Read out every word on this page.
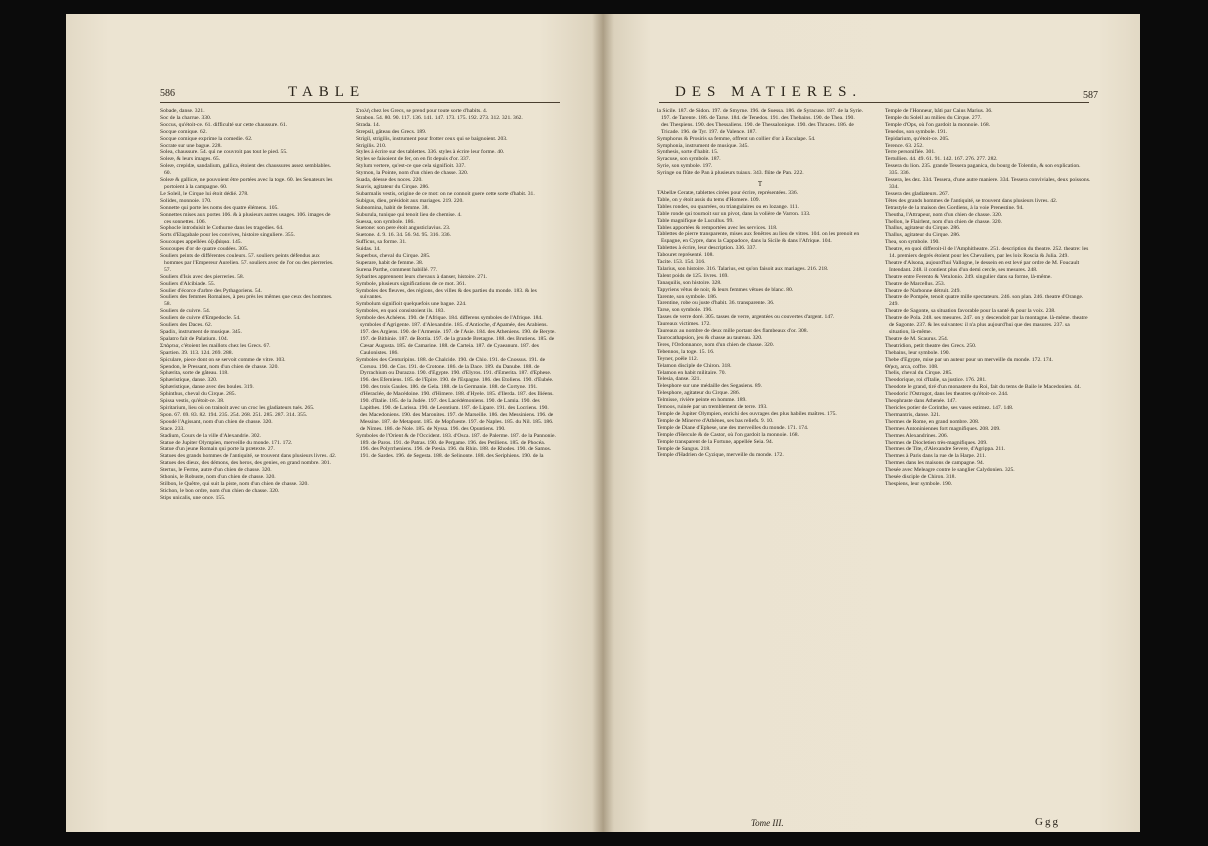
586	TABLE
Sobade, danse. 321.
Soc de la charrue. 330.
Soccus, qu'étoit-ce. 61. difficulté sur cette chaussure. 61.
Socque comique. 62.
Socque comique exprime la comedie. 62.
Socrate sur une bague. 228.
Solea, chaussure. 54. qui ne couvroit pas tout le pied. 55.
Soleæ, & leurs images. 65.
Soleæ, crepidæ, sandalium, gallica, étoient des chaussures assez semblables. 60.
Soleæ & gallicæ, ne pouvoient être portées avec la toge. 60. les Senateurs les portoient à la campagne. 60.
Le Soleil, le Cirque lui étoit dédié. 278.
Solides, monnoie. 170.
Sonnette qui porte les noms des quatre élémens. 105.
Sonnettes mises aux portes 106. & à plusieurs autres usages. 106. images de ces sonnettes. 106.
Sophocle introduisit le Cothurne dans les tragedies. 64.
Sorts d'Elagabale pour les convives, histoire singuliere. 355.
Soucoupes appellées ὀξυβάφια. 145.
Soucoupes d'or de quatre coudées. 305.
Souliers peints de différentes couleurs. 57. souliers peints défendus aux hommes par l'Empereur Aurelien. 57. souliers avec de l'or ou des pierreries. 57.
Souliers d'Isis avec des pierreries. 58.
Souliers d'Alcibiade. 55.
Soulier d'écorce d'arbre des Pythagoriens. 54.
Souliers des femmes Romaines, à peu près les mêmes que ceux des hommes. 58.
Souliers de cuivre. 54.
Souliers de cuivre d'Empedocle. 54.
Souliers des Daces. 62.
Spadix, instrument de musique. 345.
Spalatro fait de Palatium. 104.
Σπάρτια, c'étoient les maillots chez les Grecs. 67.
Spartien. 39. 113. 124. 269. 288.
Spiculare, piece dont on se servoit comme de vitre. 103.
Spendon, le Pressant, nom d'un chien de chasse. 320.
Sphærita, sorte de gâteau. 118.
Sphæristique, danse. 320.
Sphæristique, danse avec des boules. 319.
Sphinthus, cheval du Cirque. 285.
Spissa vestis, qu'étoit-ce. 38.
Spiritarium, lieu où on trainoit avec un croc les gladiateurs tués. 265.
Spon. 67. 69. 83. 82. 194. 235. 254. 268. 251. 285. 287. 314. 355.
Spoudé l'Agissant, nom d'un chien de chasse. 320.
Stace. 233.
Stadium, Cours de la ville d'Alexandrie. 302.
Statue de Jupiter Olympien, merveille du monde. 171. 172.
Statue d'un jeune Romain qui porte la prætexte. 27.
Statues des grands hommes de l'antiquité, se trouvent dans plusieurs livres. 42.
Statues des dieux, des démons, des heros, des genies, en grand nombre. 301.
Stertus, le Ferme, autre d'un chien de chasse. 320.
Sthonis, le Robuste, nom d'un chien de chasse. 320.
Stilbon, le Quêtre, qui suit la piste, nom d'un chien de chasse. 320.
Stichon, le bon ordre, nom d'un chien de chasse. 320.
Stips unicalis, une once. 155.
Στολὴ chez les Grecs, se prend pour toute sorte d'habits. 4.
Strabon. 54. 80. 90. 117. 136. 141. 147. 173. 175. 192. 273. 312. 321. 362.
Strada. 14.
Strepsil, gâteau des Grecs. 189.
Strigil, strigilis, instrument pour frotter ceux qui se baignoient. 203.
Strigilis. 210.
Styles à écrire sur des tablettes. 336. styles à écrire leur forme. 40.
Styles se faisoient de fer, on en fit depuis d'or. 337.
Stylum vertere, qu'est-ce que cela signifioit. 337.
Stymon, la Pointe, nom d'un chien de chasse. 320.
Suada, déesse des noces. 220.
Suavis, agitateur du Cirque. 286.
Subarmalis vestis, origine de ce mot: on ne connoit guere cette sorte d'habit. 31.
Subigus, dieu, présidoit aux mariages. 219. 220.
Subnomina, habit de femme. 38.
Suburula, tunique qui tenoit lieu de chemise. 4.
Suessa, son symbole. 186.
Suetone: son pere étoit angusticlavius. 23.
Suetone. 4. 9. 16. 34. 56. 94. 95. 316. 336.
Sufficus, sa forme. 31.
Suidas. 14.
Superbus, cheval du Cirque. 285.
Superare, habit de femme. 38.
Surena Parthe, comment habillé. 77.
Sybarites apprennent leurs chevaux à danser, histoire. 271.
Symbole, plusieurs significations de ce mot. 361.
Symboles des fleuves, des régions, des villes & des parties du monde. 183. & les suivantes.
Symbolum signifioit quelquefois une bague. 224.
Symboles, en quoi consistoient ils. 183.
Symbole des Achéens. 190. de l'Afrique. 184. differens symboles de l'Afrique. 184. symboles d'Agrigente. 187. d'Alexandrie. 185. d'Antioche, d'Apamée, des Arabiens. 197. des Argiens. 190. de l'Armenie. 197. de l'Asie. 184. des Atheniens. 190. de Beryte. 197. de Bithinie. 187. de Bottia. 197. de la grande Bretagne. 188. des Brutiens. 185. de Cæsar Augusta. 185. de Camarine. 188. de Carteia. 187. de Cyaeanum. 187. des Caulonistes. 186.
Symboles des Centuripins. 188. de Chalcide. 190. de Chio. 191. de Cnossus. 191. de Corsou. 190. de Cos. 191. de Crotone. 186. de la Dace. 189. du Danube. 188. de Dyrrachium ou Durazzo. 190. d'Egypte. 190. d'Elyros. 191. d'Emerita. 187. d'Ephese. 196. des Eferniens. 185. de l'Epire. 190. de l'Espagne. 186. des Etoliens. 190. d'Eubée. 190. des trois Gaules. 186. de Gela. 188. de la Germanie. 188. de Cortyne. 191. d'Heraclée, de Macédoine. 190. d'Himere. 188. d'Hyele. 185. d'Ilerda. 187. des Iliéens. 190. d'Italie. 185. de la Judée. 197. des Lacédémoniens. 190. de Lamia. 190. des Lapithes. 190. de Larissa. 190. de Leontium. 187. de Lipare. 191. des Locriens. 190. des Macedoniens. 190. des Maronites. 197. de Marseille. 186. des Messiniens. 196. de Messine. 187. de Metapont. 185. de Mopfueste. 197. de Naples. 185. du Nil. 185. 186. de Nimes. 186. de Nole. 185. de Nyssa. 196. des Opuntiens. 190.
Symboles de l'Orient & de l'Occident. 183. d'Osca. 187. de Palerme. 187. de la Pannonie. 189. de Paros. 191. de Patras. 190. de Pergame. 196. des Petiliens. 185. de Phocéa. 196. des Polyrrheniens. 196. de Pæsia. 196. du Rhin. 188. de Rhodes. 190. de Samos. 191. de Sardes. 196. de Segesta. 188. de Selinonte. 188. des Seriphiens. 190. de la
DES MATIERES.	587
la Sicile. 187. de Sidon. 197. de Smyrne. 196. de Suessa. 186. de Syracuse. 187. de la Syrie. 197. de Tarente. 186. de Tarse. 184. de Tenedos. 191. des Thebains. 190. de Thea. 190. des Thespiens. 190. des Thessaliens. 190. de Thessalonique. 190. des Thraces. 186. de Tricade. 196. de Tyr. 197. de Valence. 187.
Symphorus & Prosiris sa femme, offrent un collier d'or à Esculape. 54.
Symphonia, instrument de musique. 345.
Synthesis, sorte d'habit. 15.
Syracuse, son symbole. 187.
Syrie, son symbole. 197.
Syringe ou flûte de Pan à plusieurs tuiaux. 343. flûte de Pan. 222.
T
TAbellæ Ceratæ, tablettes cirées pour écrire, représentées. 336.
Table, on y étoit assis du tems d'Homere. 109.
Tables rondes, ou quarrées, ou triangulaires ou en lozange. 111.
Table ronde qui tournoit sur un pivot, dans la volière de Varron. 133.
Table magnifique de Lucullus. 99.
Tables apportées & remportées avec les services. 118.
Tablettes de pierre transparente, mises aux fenêtres au lieu de vitres. 104. on les prenoit en Espagne, en Cypre, dans la Cappadoce, dans la Sicile & dans l'Afrique. 104.
Tablettes à écrire, leur description. 336. 337.
Tabouret représenté. 108.
Tacite. 153. 154. 316.
Talarius, son histoire. 316. Talarius, est qu'on faisoit aux mariages. 216. 218.
Talent poids de 125. livres. 169.
Tanaquilis, son histoire. 328.
Tapyriens vêtus de noir, & leurs femmes vêtues de blanc. 80.
Tarente, son symbole. 186.
Tarentine, robe ou juste d'habit. 36. transparente. 36.
Tarse, son symbole. 196.
Tasses de verre doré. 305. tasses de verre, argentées ou couvertes d'argent. 147.
Taureaux victimes. 172.
Taureaux au nombre de deux mille portant des flambeaux d'or. 308.
Taurocathapsion, jeu & chasse au taureau. 320.
Teres, l'Ordonnance, nom d'un chien de chasse. 320.
Tebennos, la toge. 15. 16.
Teyner, poêle 112.
Telamon disciple de Chiron. 318.
Telamon en habit militaire. 70.
Telesia, danse. 321.
Telesphore sur une médaille des Segasiens. 89.
Telesphore, agitateur du Cirque. 286.
Telmisse, rivière peinte en homme. 189.
Temoos, ruinée par un tremblement de terre. 193.
Temple de Jupiter Olympien, enrichi des ouvrages des plus habiles maîtres. 175.
Temple de Minerve d'Athènes, ses bas reliefs. 9. 10.
Temple de Diane d'Ephese, une des merveilles du monde. 171. 174.
Temple d'Hercule & de Castor, où l'on gardoit la monnoie. 168.
Temple transparent de la Fortune, appellée Seia. 94.
Temple de Sangus. 218.
Temple d'Hadrien de Cyzique, merveille du monde. 172.
Temple de l'Honneur, bâti par Caius Marius. 36.
Temple du Soleil au milieu du Cirque. 277.
Temple d'Ops, où l'on gardoit la monnoie. 168.
Tenedos, son symbole. 191.
Tepidarium, qu'étoit-ce. 205.
Terence. 63. 252.
Terre personifiée. 301.
Tertullien. 44. 49. 61. 91. 142. 167. 276. 277. 282.
Tessera du lion. 235. grande Tessera paganica, du bourg de Tolentin, & son explication. 335. 336.
Tessera, les dez. 334. Tessera, d'une autre maniere. 334. Tessera conviviales, deux poissons. 334.
Tessera des gladiateurs. 267.
Têtes des grands hommes de l'antiquité, se trouvent dans plusieurs livres. 42.
Tetrastyle de la maison des Gordiens, à la voie Prenestine. 94.
Theutha, l'Attrapeur, nom d'un chien de chasse. 320.
Thellon, le Flairlent, nom d'un chien de chasse. 320.
Thallus, agitateur du Cirque. 286.
Thallus, agitateur du Cirque. 286.
Thea, son symbole. 190.
Theatre, en quoi differoit-il de l'Amphitheatre. 251. description du theatre. 252. theatre: les 14. premiers degrés étoient pour les Chevaliers, par les loix Roscia & Julia. 249.
Theatre d'Alsona, aujourd'hui Vallogne, le dessein en est levé par ordre de M. Foucault Intendant. 248. il contient plus d'un demi cercle, ses mesures. 248.
Theatre entre Ferento & Vetulonio. 249. singulier dans sa forme, là-même.
Theatre de Marcellus. 253.
Theatre de Narbonne détruit. 249.
Theatre de Pompée, tenoit quatre mille spectateurs. 246. son plan. 246. theatre d'Orange. 249.
Theatre de Sagonte, sa situation favorable pour la santé & pour la voix. 238.
Theatre de Pola. 248. ses mesures. 247. on y descendoit par la montagne. là-même. theatre de Sagonte. 237. & les suivantes: il n'a plus aujourd'hui que des masures. 237. sa situation, là-même.
Theatre de M. Scaurus. 254.
Theatridion, petit theatre des Grecs. 250.
Thebains, leur symbole. 190.
Thebe d'Egypte, mise par un auteur pour un merveille du monde. 172. 174.
Θήκη, arca, coffre. 108.
Thelis, cheval du Cirque. 285.
Theodorique, roi d'Italie, sa justice. 176. 281.
Theodote le grand, tiré d'un monastere du Roi, fait du tems de Baile le Macedonien. 44.
Theodoric l'Ostrogot, dans les theatres qu'étoit-ce. 244.
Theophraste dans Athenée. 147.
Thericles potier de Corinthe, ses vases estimez. 147. 148.
Thermantris, danse. 321.
Thermes de Rome, en grand nombre. 208.
Thermes Antoniniennes fort magnifiques. 208. 209.
Thermes Alexandrines. 206.
Thermes de Diocletien très-magnifiques. 209.
Thermes de Tite, d'Alexandre Severe, d'Agrippa. 211.
Thermes à Paris dans la rue de la Harpe. 211.
Thermes dans les maisons de campagne. 94.
Thesée avec Meleagre contre le sanglier Calydonien. 325.
Thesée disciple de Chiron. 318.
Thespiens, leur symbole. 190.
Tome III.	Ggg
